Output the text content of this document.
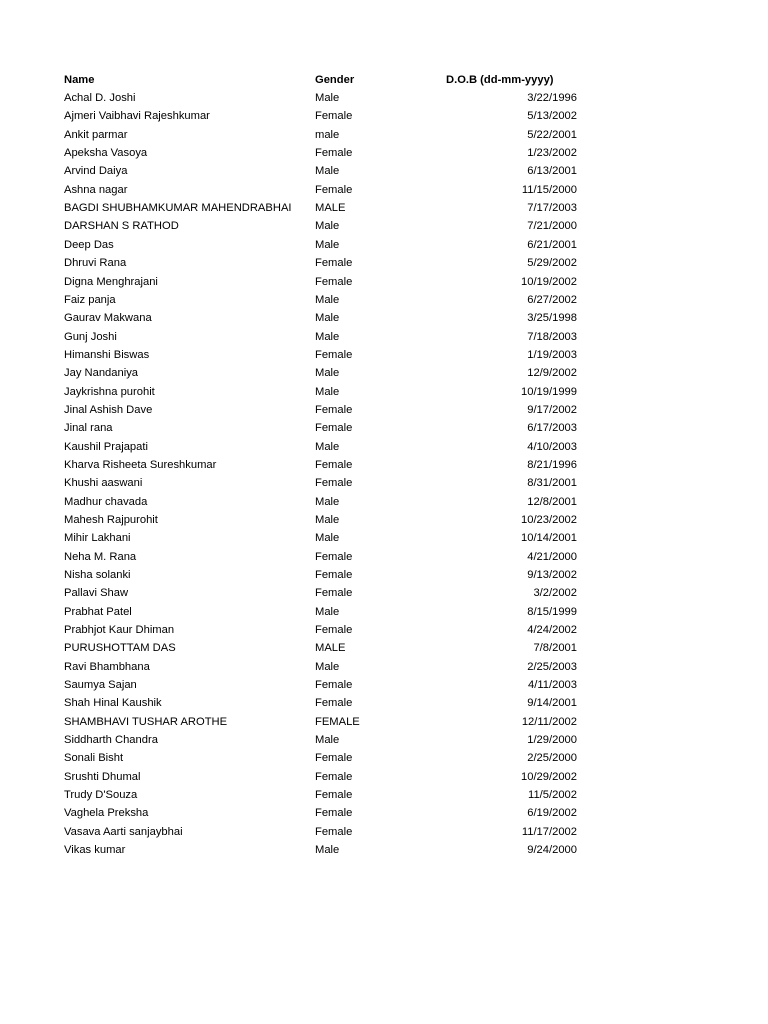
Name	Gender	D.O.B (dd-mm-yyyy)
Achal D. Joshi	Male	3/22/1996
Ajmeri Vaibhavi Rajeshkumar	Female	5/13/2002
Ankit parmar	male	5/22/2001
Apeksha Vasoya	Female	1/23/2002
Arvind Daiya	Male	6/13/2001
Ashna nagar	Female	11/15/2000
BAGDI SHUBHAMKUMAR MAHENDRABHAI	MALE	7/17/2003
DARSHAN S RATHOD	Male	7/21/2000
Deep Das	Male	6/21/2001
Dhruvi Rana	Female	5/29/2002
Digna Menghrajani	Female	10/19/2002
Faiz panja	Male	6/27/2002
Gaurav Makwana	Male	3/25/1998
Gunj Joshi	Male	7/18/2003
Himanshi Biswas	Female	1/19/2003
Jay Nandaniya	Male	12/9/2002
Jaykrishna purohit	Male	10/19/1999
Jinal Ashish Dave	Female	9/17/2002
Jinal rana	Female	6/17/2003
Kaushil Prajapati	Male	4/10/2003
Kharva Risheeta Sureshkumar	Female	8/21/1996
Khushi aaswani	Female	8/31/2001
Madhur chavada	Male	12/8/2001
Mahesh Rajpurohit	Male	10/23/2002
Mihir Lakhani	Male	10/14/2001
Neha M. Rana	Female	4/21/2000
Nisha solanki	Female	9/13/2002
Pallavi Shaw	Female	3/2/2002
Prabhat Patel	Male	8/15/1999
Prabhjot Kaur Dhiman	Female	4/24/2002
PURUSHOTTAM DAS	MALE	7/8/2001
Ravi Bhambhana	Male	2/25/2003
Saumya Sajan	Female	4/11/2003
Shah Hinal Kaushik	Female	9/14/2001
SHAMBHAVI TUSHAR AROTHE	FEMALE	12/11/2002
Siddharth Chandra	Male	1/29/2000
Sonali Bisht	Female	2/25/2000
Srushti Dhumal	Female	10/29/2002
Trudy D'Souza	Female	11/5/2002
Vaghela Preksha	Female	6/19/2002
Vasava Aarti sanjaybhai	Female	11/17/2002
Vikas kumar	Male	9/24/2000
